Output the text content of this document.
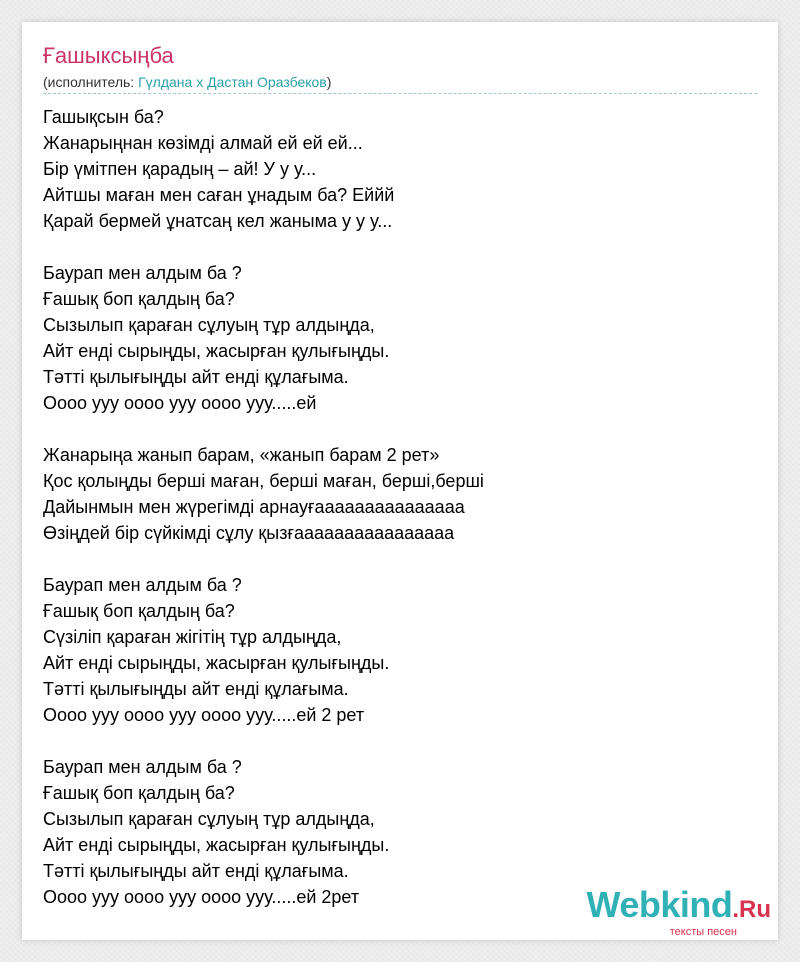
Ғашыксыңба
(исполнитель: Гүлдана х Дастан Оразбеков)
Гашықсын ба?
Жанарыңнан көзімді алмай ей ей ей...
Бір үмітпен қарадың – ай! У у у...
Айтшы маған мен саған ұнадым ба? Еййй
Қарай бермей ұнатсаң кел жаныма у у у...
Баурап мен алдым ба ?
Ғашық боп қалдың ба?
Сызылып қараған сұлуың тұр алдыңда,
Айт енді сырыңды, жасырған қулығыңды.
Тәтті қылығыңды айт енді құлағыма.
Оооо ууу оооо ууу оооо ууу.....ей
Жанарыңа жанып барам, «жанып барам 2 рет»
Қос қолыңды берші маған, берші маған, берші,берші
Дайынмын мен жүрегімді арнауғааааааааааааааа
Өзіңдей бір сүйкімді сұлу қызғаааааааааааааааа
Баурап мен алдым ба ?
Ғашық боп қалдың ба?
Сүзіліп қараған жігітің тұр алдыңда,
Айт енді сырыңды, жасырған қулығыңды.
Тәтті қылығыңды айт енді құлағыма.
Оооо ууу оооо ууу оооо ууу.....ей 2 рет
Баурап мен алдым ба ?
Ғашық боп қалдың ба?
Сызылып қараған сұлуың тұр алдыңда,
Айт енді сырыңды, жасырған қулығыңды.
Тәтті қылығыңды айт енді құлағыма.
Оооо ууу оооо ууу оооо ууу.....ей 2рет	Webkind.Ru
тексты песен
